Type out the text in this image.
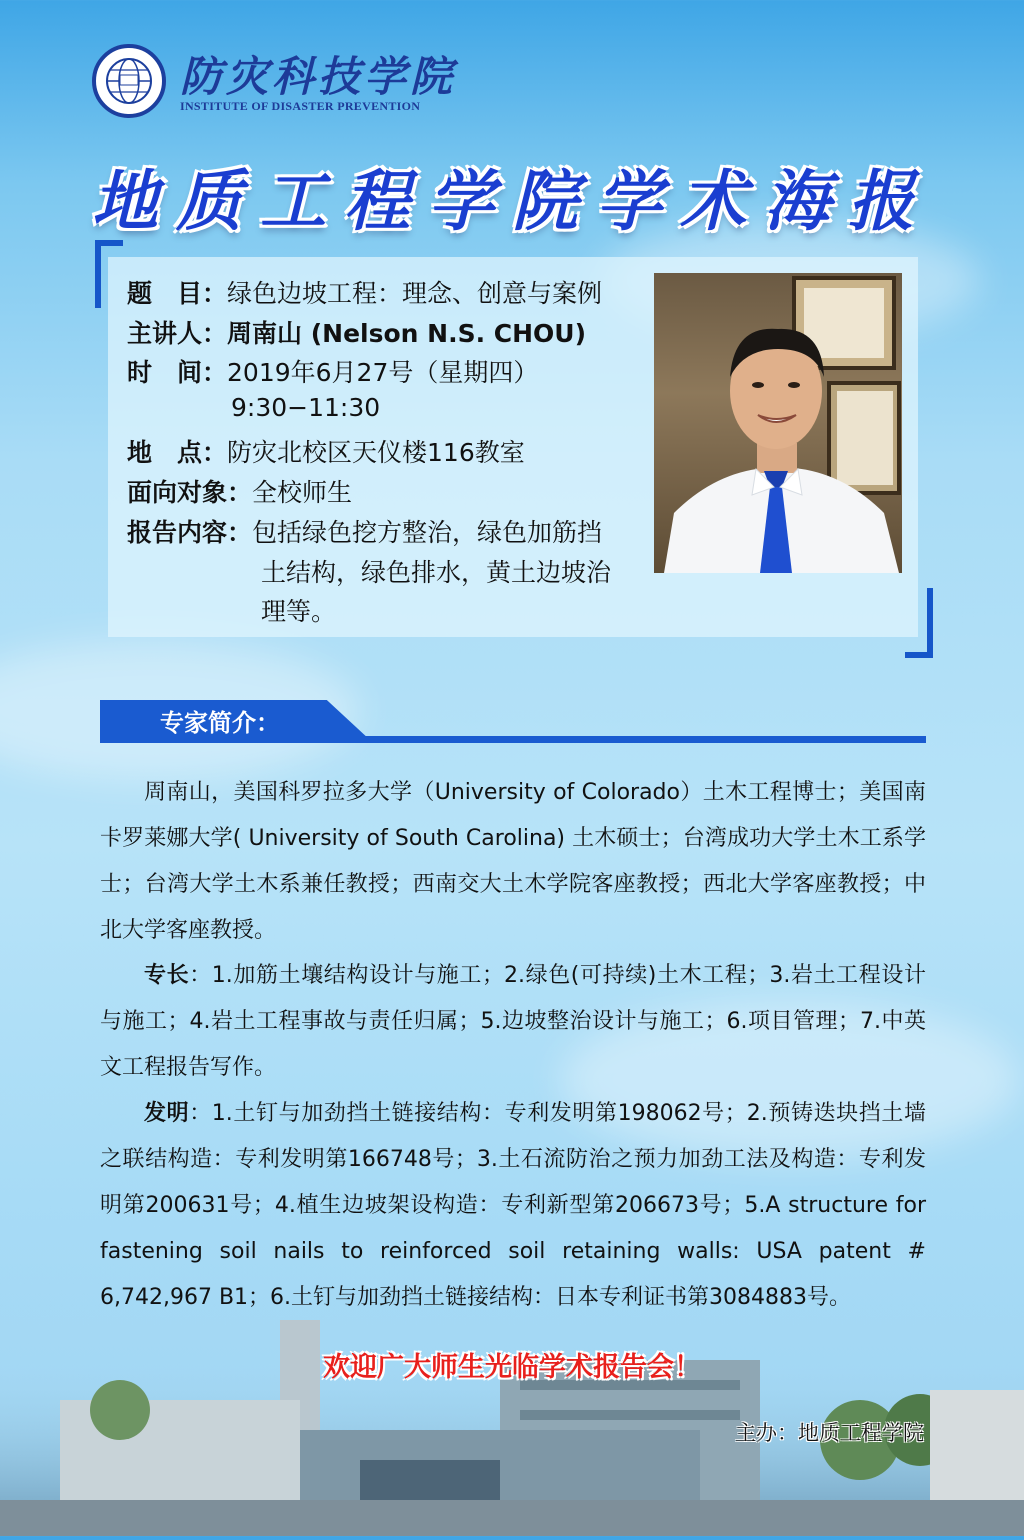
防灾科技学院
INSTITUTE OF DISASTER PREVENTION
地质工程学院学术海报
题　目：绿色边坡工程：理念、创意与案例
主讲人：周南山 (Nelson N.S. CHOU)
时　间：2019年6月27号（星期四）
9:30−11:30
地　点：防灾北校区天仪楼116教室
面向对象：全校师生
报告内容：包括绿色挖方整治，绿色加筋挡
土结构，绿色排水，黄土边坡治
理等。
专家简介：

周南山，美国科罗拉多大学（University of Colorado）土木工程博士；美国南卡罗莱娜大学( University of South Carolina) 土木硕士；台湾成功大学土木工系学士；台湾大学土木系兼任教授；西南交大土木学院客座教授；西北大学客座教授；中北大学客座教授。

专长：1.加筋土壤结构设计与施工；2.绿色(可持续)土木工程；3.岩土工程设计与施工；4.岩土工程事故与责任归属；5.边坡整治设计与施工；6.项目管理；7.中英文工程报告写作。

发明：1.土钉与加劲挡土链接结构：专利发明第198062号；2.预铸迭块挡土墙之联结构造：专利发明第166748号；3.土石流防治之预力加劲工法及构造：专利发明第200631号；4.植生边坡架设构造：专利新型第206673号；5.A structure for fastening soil nails to reinforced soil retaining walls: USA patent # 6,742,967 B1；6.土钉与加劲挡土链接结构：日本专利证书第3084883号。

欢迎广大师生光临学术报告会！
主办：地质工程学院
